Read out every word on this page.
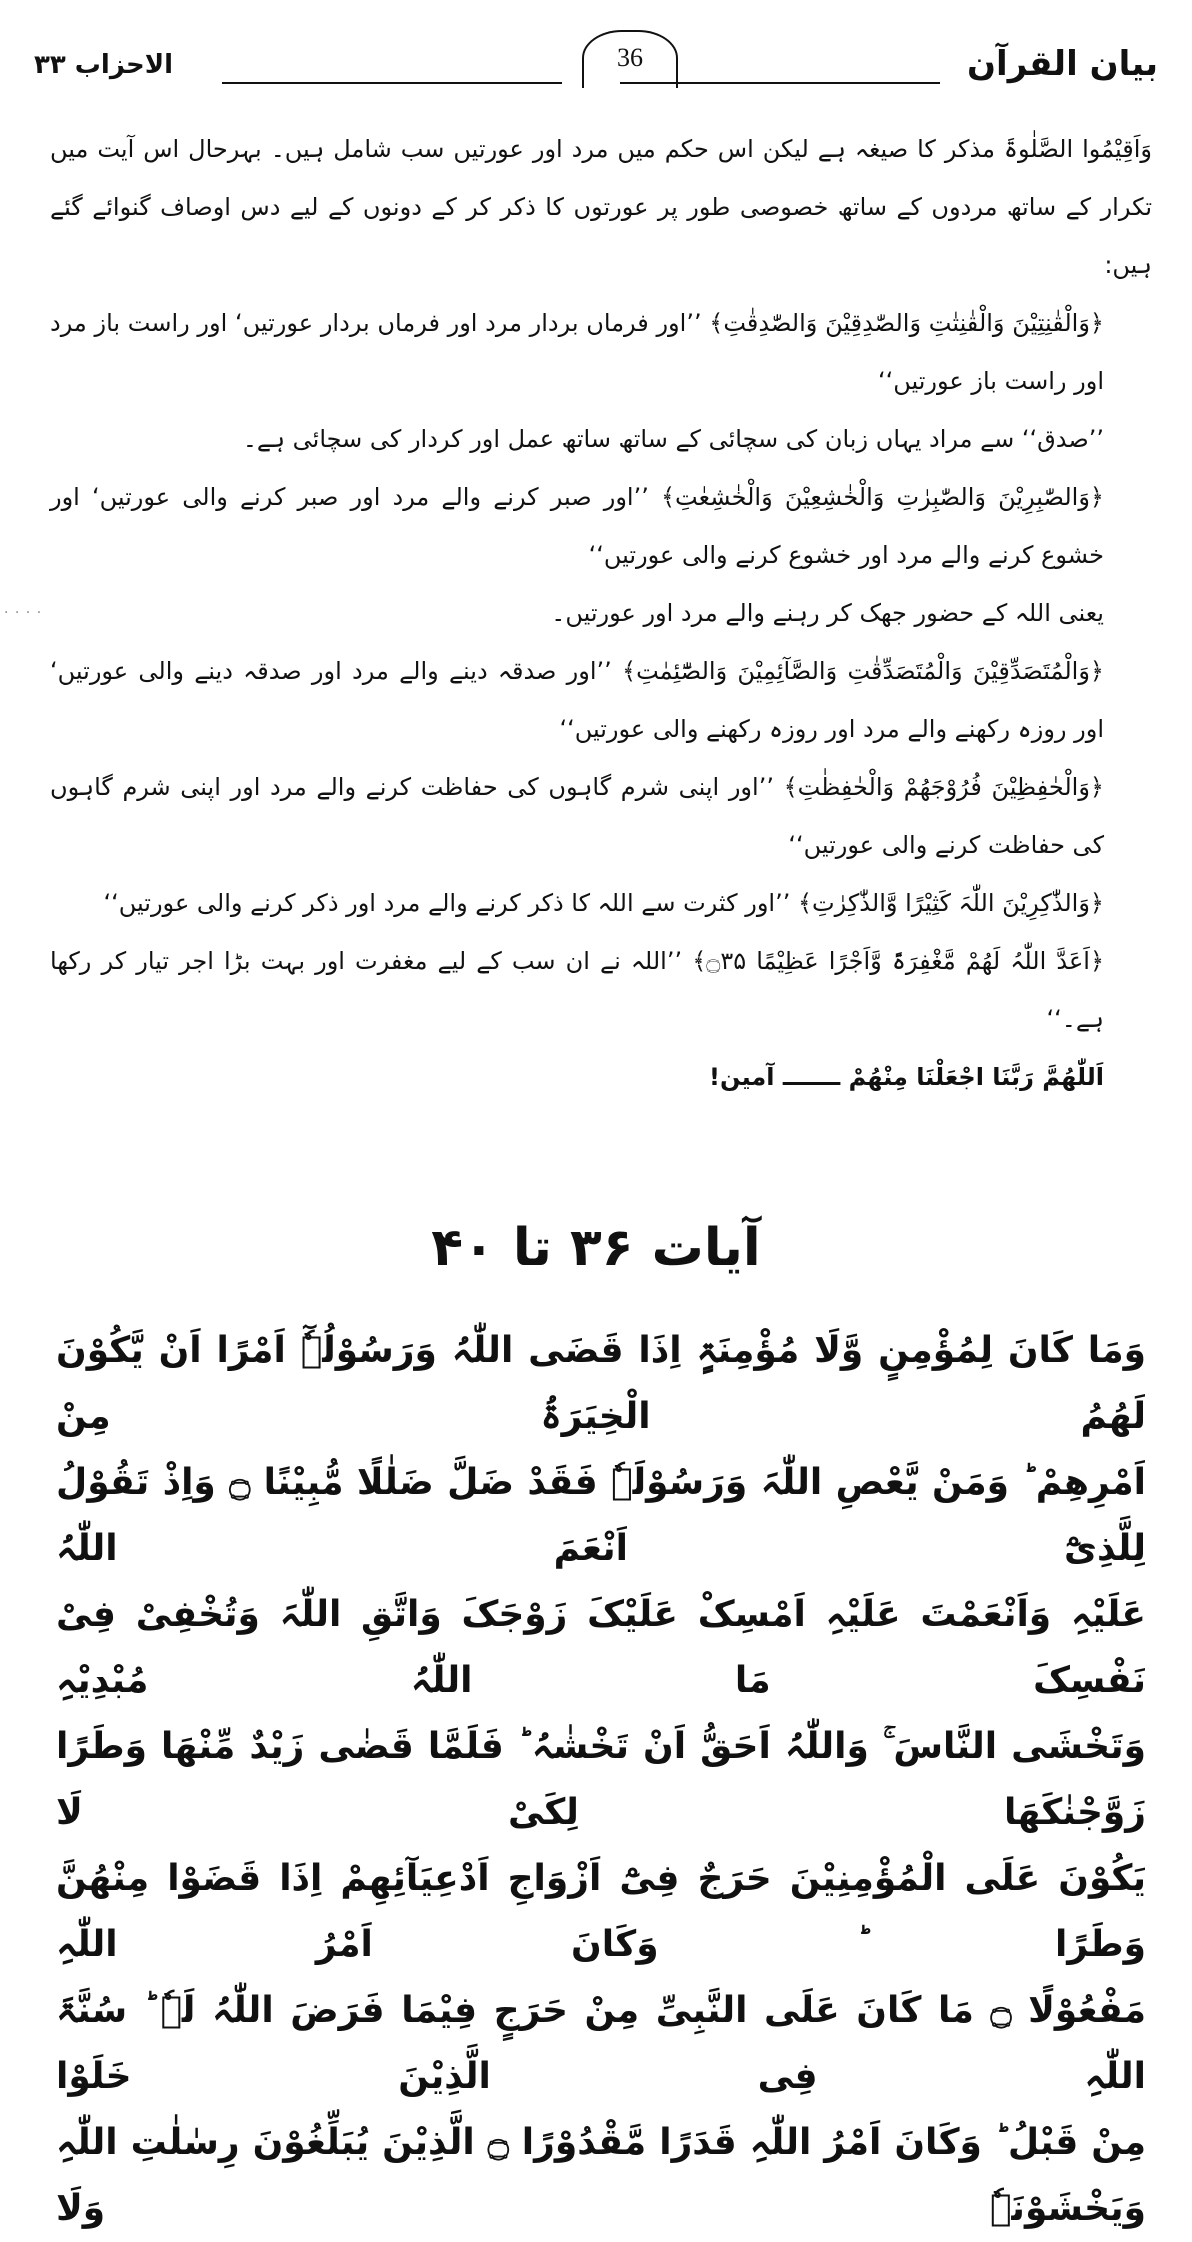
بیان القرآن
36
الاحزاب ۳۳
· · · ·

وَاَقِیْمُوا الصَّلٰوۃَ مذکر کا صیغہ ہے لیکن اس حکم میں مرد اور عورتیں سب شامل ہیں۔ بہرحال اس آیت میں تکرار کے ساتھ مردوں کے ساتھ خصوصی طور پر عورتوں کا ذکر کر کے دونوں کے لیے دس اوصاف گنوائے گئے ہیں:

﴿وَالْقٰنِتِیْنَ وَالْقٰنِتٰتِ وَالصّٰدِقِیْنَ وَالصّٰدِقٰتِ﴾ ’’اور فرماں بردار مرد اور فرماں بردار عورتیں‘ اور راست باز مرد اور راست باز عورتیں‘‘

’’صدق‘‘ سے مراد یہاں زبان کی سچائی کے ساتھ ساتھ عمل اور کردار کی سچائی ہے۔

﴿وَالصّٰبِرِیْنَ وَالصّٰبِرٰتِ وَالْخٰشِعِیْنَ وَالْخٰشِعٰتِ﴾ ’’اور صبر کرنے والے مرد اور صبر کرنے والی عورتیں‘ اور خشوع کرنے والے مرد اور خشوع کرنے والی عورتیں‘‘

یعنی اللہ کے حضور جھک کر رہنے والے مرد اور عورتیں۔

﴿وَالْمُتَصَدِّقِیْنَ وَالْمُتَصَدِّقٰتِ وَالصَّآئِمِیْنَ وَالصّٰٓئِمٰتِ﴾ ’’اور صدقہ دینے والے مرد اور صدقہ دینے والی عورتیں‘ اور روزہ رکھنے والے مرد اور روزہ رکھنے والی عورتیں‘‘

﴿وَالْحٰفِظِیْنَ فُرُوْجَھُمْ وَالْحٰفِظٰتِ﴾ ’’اور اپنی شرم گاہوں کی حفاظت کرنے والے مرد اور اپنی شرم گاہوں کی حفاظت کرنے والی عورتیں‘‘

﴿وَالذّٰکِرِیْنَ اللّٰہَ کَثِیْرًا وَّالذّٰکِرٰتِ﴾ ’’اور کثرت سے اللہ کا ذکر کرنے والے مرد اور ذکر کرنے والی عورتیں‘‘

﴿اَعَدَّ اللّٰہُ لَھُمْ مَّغْفِرَۃً وَّاَجْرًا عَظِیْمًا ۝۳۵﴾ ’’اللہ نے ان سب کے لیے مغفرت اور بہت بڑا اجر تیار کر رکھا ہے۔‘‘

اَللّٰھُمَّ رَبَّنَا اجْعَلْنَا مِنْھُمْ ـــــــ آمین!

آیات ۳۶ تا ۴۰

وَمَا کَانَ لِمُؤْمِنٍ وَّلَا مُؤْمِنَۃٍ اِذَا قَضَی اللّٰہُ وَرَسُوْلُہٗٓ اَمْرًا اَنْ یَّکُوْنَ لَھُمُ الْخِیَرَۃُ مِنْ

اَمْرِھِمْ ؕ وَمَنْ یَّعْصِ اللّٰہَ وَرَسُوْلَہٗ فَقَدْ ضَلَّ ضَلٰلًا مُّبِیْنًا ۝ وَاِذْ تَقُوْلُ لِلَّذِیْٓ اَنْعَمَ اللّٰہُ

عَلَیْہِ وَاَنْعَمْتَ عَلَیْہِ اَمْسِکْ عَلَیْکَ زَوْجَکَ وَاتَّقِ اللّٰہَ وَتُخْفِیْ فِیْ نَفْسِکَ مَا اللّٰہُ مُبْدِیْہِ

وَتَخْشَی النَّاسَ ۚ وَاللّٰہُ اَحَقُّ اَنْ تَخْشٰہُ ؕ فَلَمَّا قَضٰی زَیْدٌ مِّنْھَا وَطَرًا زَوَّجْنٰکَھَا لِکَیْ لَا

یَکُوْنَ عَلَی الْمُؤْمِنِیْنَ حَرَجٌ فِیْٓ اَزْوَاجِ اَدْعِیَآئِھِمْ اِذَا قَضَوْا مِنْھُنَّ وَطَرًا ؕ وَکَانَ اَمْرُ اللّٰہِ

مَفْعُوْلًا ۝ مَا کَانَ عَلَی النَّبِیِّ مِنْ حَرَجٍ فِیْمَا فَرَضَ اللّٰہُ لَہٗ ؕ سُنَّۃَ اللّٰہِ فِی الَّذِیْنَ خَلَوْا

مِنْ قَبْلُ ؕ وَکَانَ اَمْرُ اللّٰہِ قَدَرًا مَّقْدُوْرًا ۝ الَّذِیْنَ یُبَلِّغُوْنَ رِسٰلٰتِ اللّٰہِ وَیَخْشَوْنَہٗ وَلَا
